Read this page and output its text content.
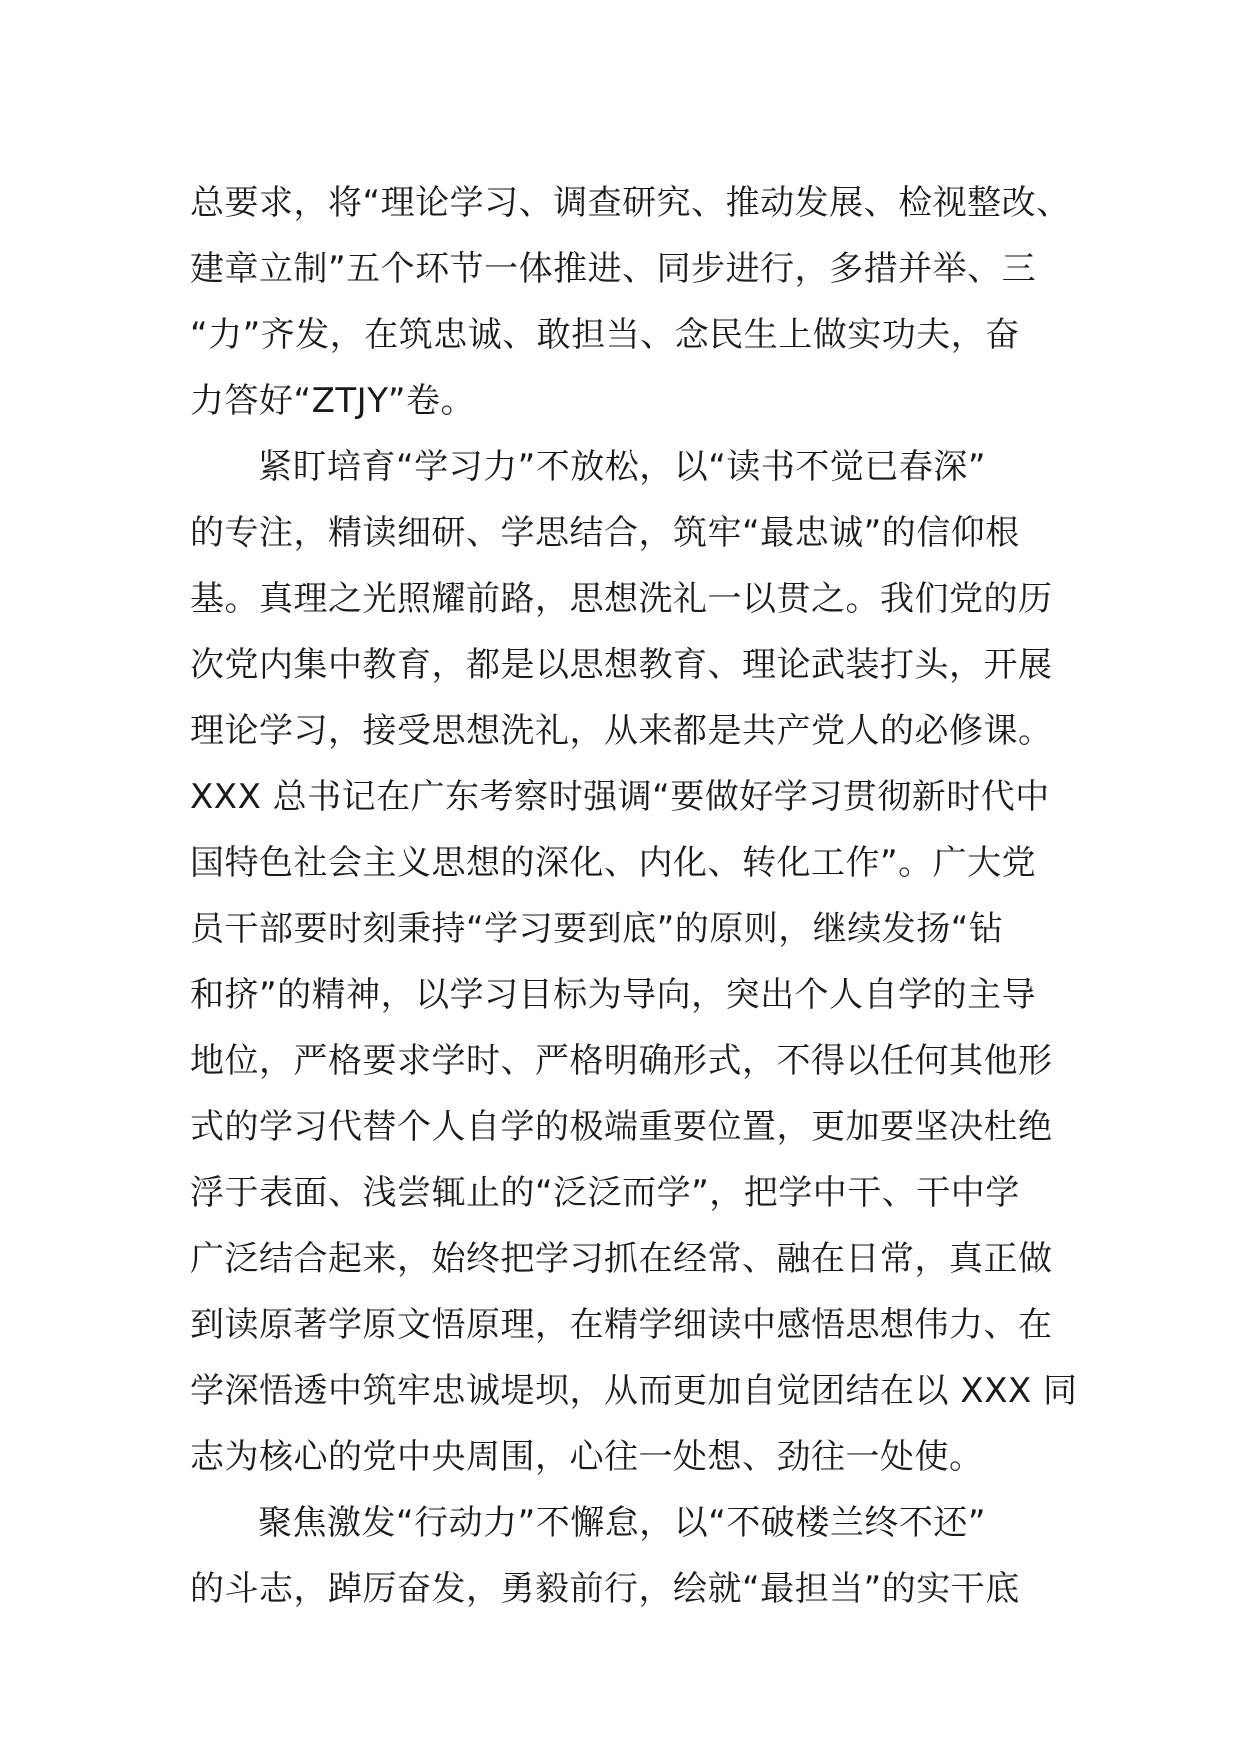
总要求，将“理论学习、调查研究、推动发展、检视整改、
建章立制”五个环节一体推进、同步进行，多措并举、三
“力”齐发，在筑忠诚、敢担当、念民生上做实功夫，奋
力答好“ZTJY”卷。
紧盯培育“学习力”不放松，以“读书不觉已春深”
的专注，精读细研、学思结合，筑牢“最忠诚”的信仰根
基。真理之光照耀前路，思想洗礼一以贯之。我们党的历
次党内集中教育，都是以思想教育、理论武装打头，开展
理论学习，接受思想洗礼，从来都是共产党人的必修课。
XXX 总书记在广东考察时强调“要做好学习贯彻新时代中
国特色社会主义思想的深化、内化、转化工作”。广大党
员干部要时刻秉持“学习要到底”的原则，继续发扬“钻
和挤”的精神，以学习目标为导向，突出个人自学的主导
地位，严格要求学时、严格明确形式，不得以任何其他形
式的学习代替个人自学的极端重要位置，更加要坚决杜绝
浮于表面、浅尝辄止的“泛泛而学”，把学中干、干中学
广泛结合起来，始终把学习抓在经常、融在日常，真正做
到读原著学原文悟原理，在精学细读中感悟思想伟力、在
学深悟透中筑牢忠诚堤坝，从而更加自觉团结在以 XXX 同
志为核心的党中央周围，心往一处想、劲往一处使。
聚焦激发“行动力”不懈怠，以“不破楼兰终不还”
的斗志，踔厉奋发，勇毅前行，绘就“最担当”的实干底
